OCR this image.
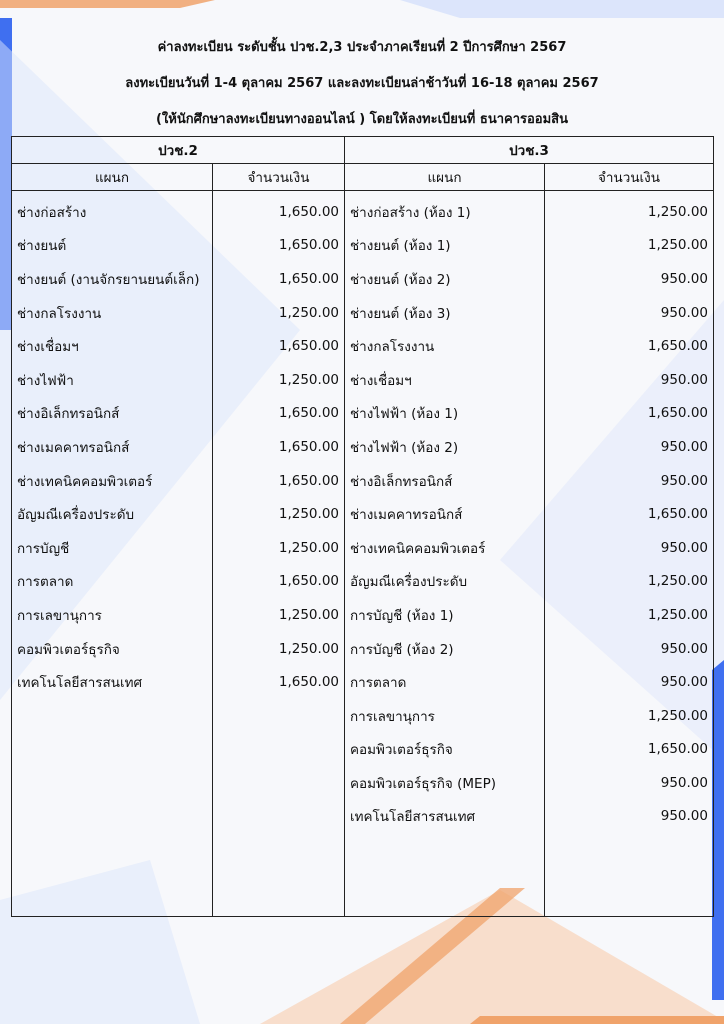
ค่าลงทะเบียน ระดับชั้น ปวช.2,3 ประจำภาคเรียนที่ 2 ปีการศึกษา 2567
ลงทะเบียนวันที่ 1-4 ตุลาคม 2567 และลงทะเบียนล่าช้าวันที่ 16-18 ตุลาคม 2567
(ให้นักศึกษาลงทะเบียนทางออนไลน์ ) โดยให้ลงทะเบียนที่ ธนาคารออมสิน
ปวช.2		ปวช.3	
แผนก	จำนวนเงิน	แผนก	จำนวนเงิน
ช่างก่อสร้าง	1,650.00	ช่างก่อสร้าง (ห้อง 1)	1,250.00
ช่างยนต์	1,650.00	ช่างยนต์ (ห้อง 1)	1,250.00
ช่างยนต์ (งานจักรยานยนต์เล็ก)	1,650.00	ช่างยนต์ (ห้อง 2)	950.00
ช่างกลโรงงาน	1,250.00	ช่างยนต์ (ห้อง 3)	950.00
ช่างเชื่อมฯ	1,650.00	ช่างกลโรงงาน	1,650.00
ช่างไฟฟ้า	1,250.00	ช่างเชื่อมฯ	950.00
ช่างอิเล็กทรอนิกส์	1,650.00	ช่างไฟฟ้า (ห้อง 1)	1,650.00
ช่างเมคคาทรอนิกส์	1,650.00	ช่างไฟฟ้า (ห้อง 2)	950.00
ช่างเทคนิคคอมพิวเตอร์	1,650.00	ช่างอิเล็กทรอนิกส์	950.00
อัญมณีเครื่องประดับ	1,250.00	ช่างเมคคาทรอนิกส์	1,650.00
การบัญชี	1,250.00	ช่างเทคนิคคอมพิวเตอร์	950.00
การตลาด	1,650.00	อัญมณีเครื่องประดับ	1,250.00
การเลขานุการ	1,250.00	การบัญชี (ห้อง 1)	1,250.00
คอมพิวเตอร์ธุรกิจ	1,250.00	การบัญชี (ห้อง 2)	950.00
เทคโนโลยีสารสนเทศ	1,650.00	การตลาด	950.00
		การเลขานุการ	1,250.00
		คอมพิวเตอร์ธุรกิจ	1,650.00
		คอมพิวเตอร์ธุรกิจ (MEP)	950.00
		เทคโนโลยีสารสนเทศ	950.00
